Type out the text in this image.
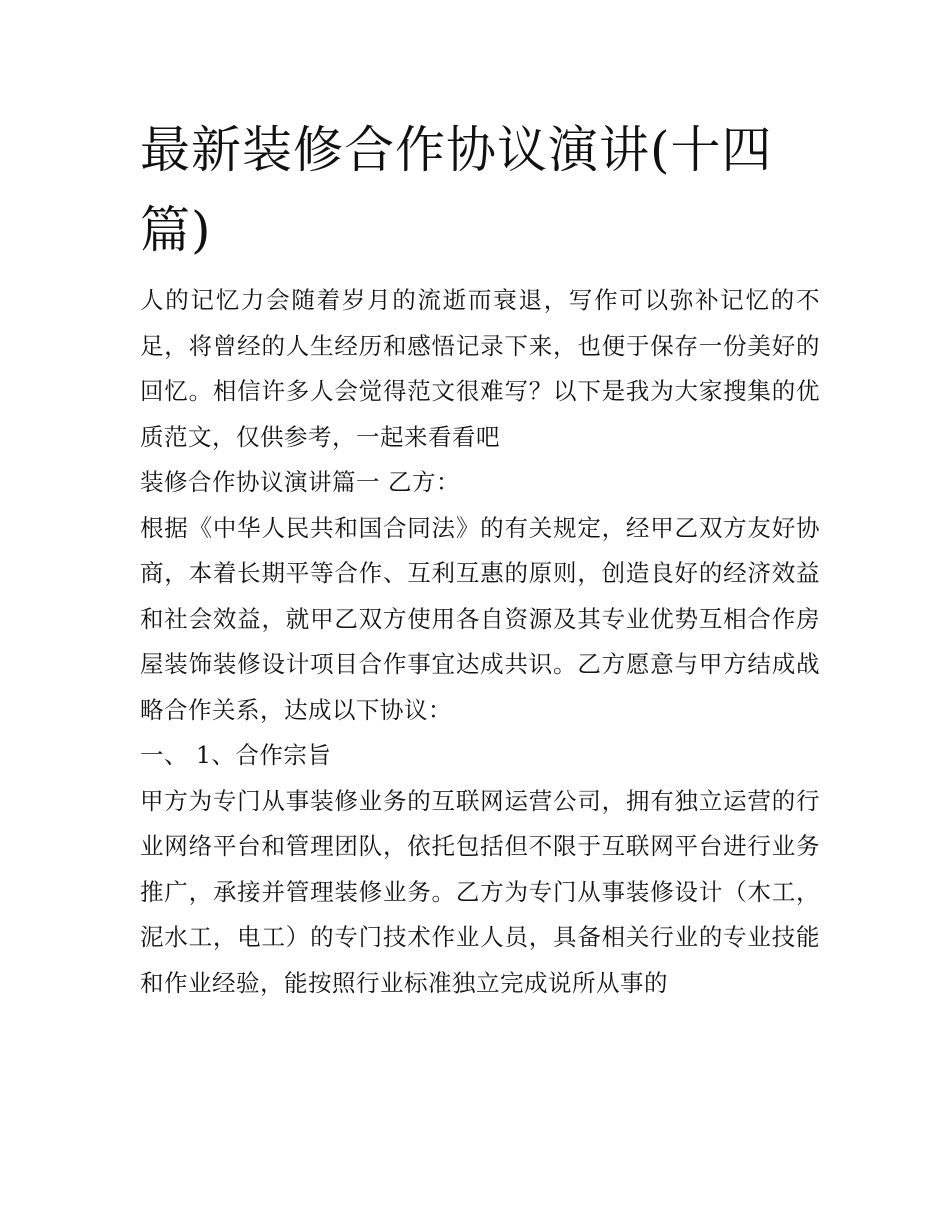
最新装修合作协议演讲(十四篇)

人的记忆力会随着岁月的流逝而衰退，写作可以弥补记忆的不足，将曾经的人生经历和感悟记录下来，也便于保存一份美好的回忆。相信许多人会觉得范文很难写？以下是我为大家搜集的优质范文，仅供参考，一起来看看吧

装修合作协议演讲篇一 乙方：

根据《中华人民共和国合同法》的有关规定，经甲乙双方友好协商，本着长期平等合作、互利互惠的原则，创造良好的经济效益和社会效益，就甲乙双方使用各自资源及其专业优势互相合作房屋装饰装修设计项目合作事宜达成共识。乙方愿意与甲方结成战略合作关系，达成以下协议：

一、 1、合作宗旨

甲方为专门从事装修业务的互联网运营公司，拥有独立运营的行业网络平台和管理团队，依托包括但不限于互联网平台进行业务推广，承接并管理装修业务。乙方为专门从事装修设计（木工，泥水工，电工）的专门技术作业人员，具备相关行业的专业技能和作业经验，能按照行业标准独立完成说所从事的
